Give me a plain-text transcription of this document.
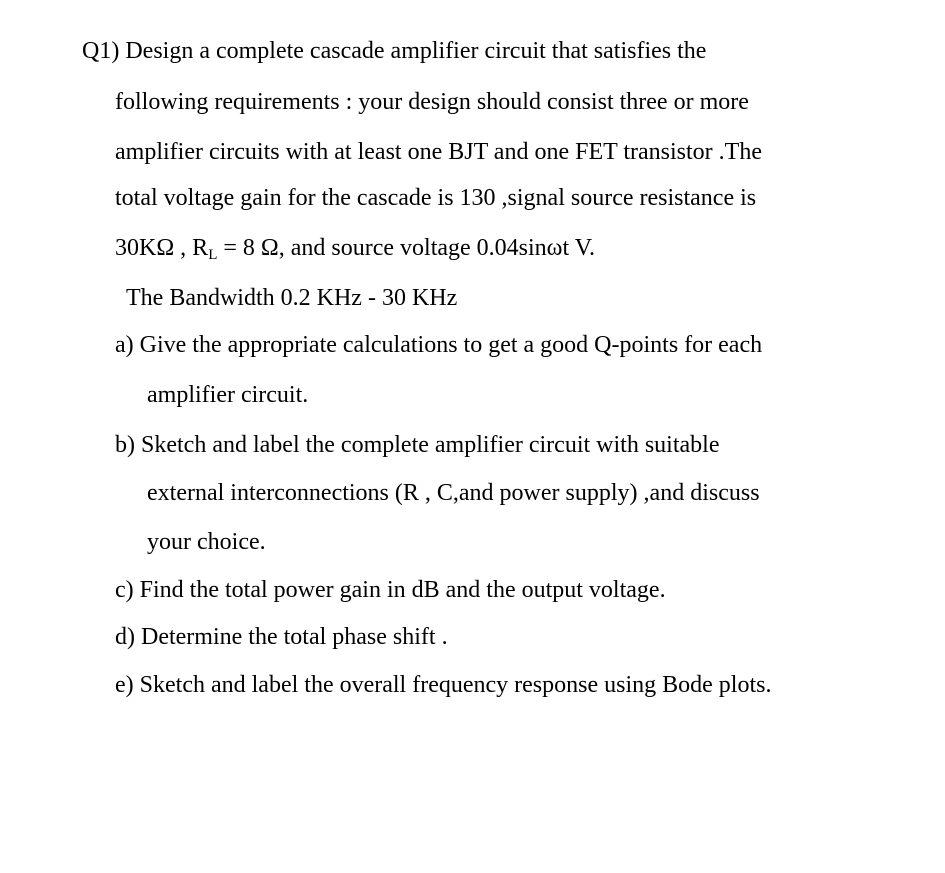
Q1) Design a complete cascade amplifier circuit that satisfies the
following requirements : your design should consist three or more
amplifier circuits with at least one BJT and one FET transistor .The
total voltage gain for the cascade is 130 ,signal source resistance is
30KΩ , $R_L = 8$ Ω, and source voltage 0.04sinωt V.
The Bandwidth 0.2 KHz - 30 KHz
a) Give the appropriate calculations to get a good Q-points for each
amplifier circuit.
b) Sketch and label the complete amplifier circuit with suitable
external interconnections (R , C,and power supply) ,and discuss
your choice.
c) Find the total power gain in dB and the output voltage.
d) Determine the total phase shift .
e) Sketch and label the overall frequency response using Bode plots.
